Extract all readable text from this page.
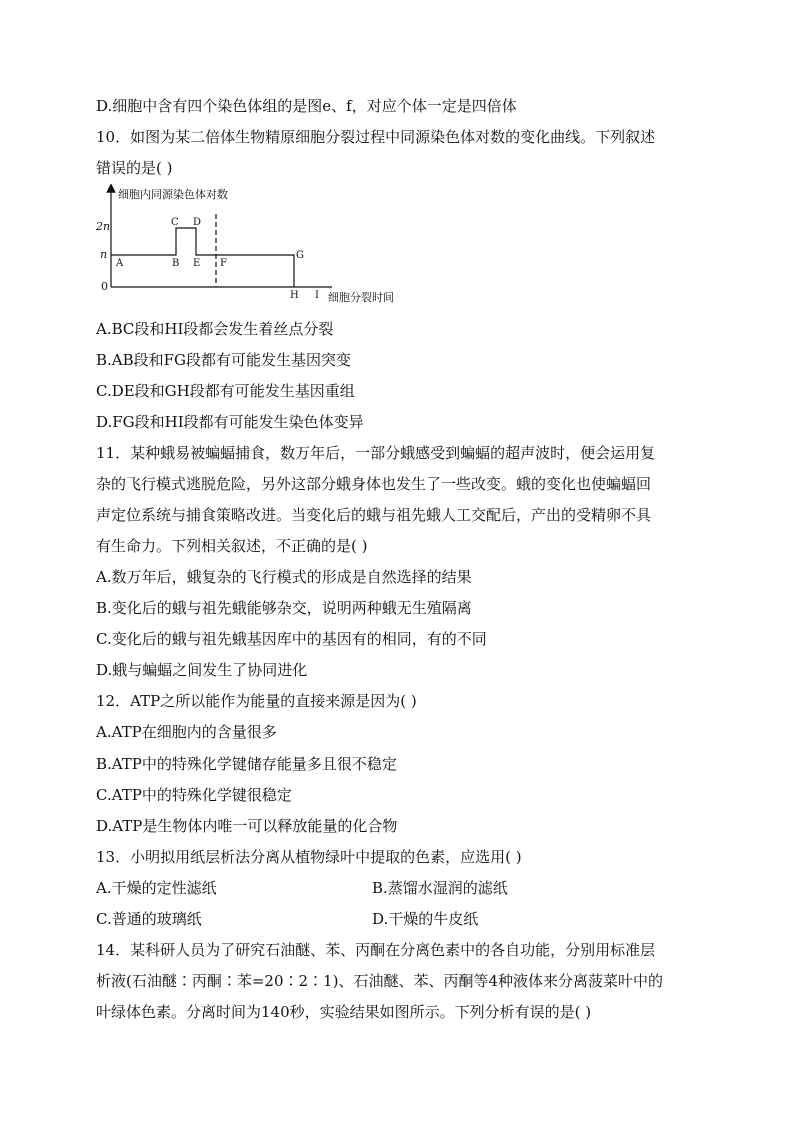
D.细胞中含有四个染色体组的是图e、f，对应个体一定是四倍体
10．如图为某二倍体生物精原细胞分裂过程中同源染色体对数的变化曲线。下列叙述
错误的是( )
细胞内同源染色体对数
2n
n
0
A	B
C D
E F
G
H I 细胞分裂时间
A.BC段和HI段都会发生着丝点分裂
B.AB段和FG段都有可能发生基因突变
C.DE段和GH段都有可能发生基因重组
D.FG段和HI段都有可能发生染色体变异
11．某种蛾易被蝙蝠捕食，数万年后，一部分蛾感受到蝙蝠的超声波时，便会运用复
杂的飞行模式逃脱危险，另外这部分蛾身体也发生了一些改变。蛾的变化也使蝙蝠回
声定位系统与捕食策略改进。当变化后的蛾与祖先蛾人工交配后，产出的受精卵不具
有生命力。下列相关叙述，不正确的是( )
A.数万年后，蛾复杂的飞行模式的形成是自然选择的结果
B.变化后的蛾与祖先蛾能够杂交，说明两种蛾无生殖隔离
C.变化后的蛾与祖先蛾基因库中的基因有的相同，有的不同
D.蛾与蝙蝠之间发生了协同进化
12．ATP之所以能作为能量的直接来源是因为( )
A.ATP在细胞内的含量很多
B.ATP中的特殊化学键储存能量多且很不稳定
C.ATP中的特殊化学键很稳定
D.ATP是生物体内唯一可以释放能量的化合物
13．小明拟用纸层析法分离从植物绿叶中提取的色素，应选用( )
A.干燥的定性滤纸	B.蒸馏水湿润的滤纸
C.普通的玻璃纸	D.干燥的牛皮纸
14．某科研人员为了研究石油醚、苯、丙酮在分离色素中的各自功能，分别用标准层
析液(石油醚∶丙酮∶苯=20∶2∶1)、石油醚、苯、丙酮等4种液体来分离菠菜叶中的
叶绿体色素。分离时间为140秒，实验结果如图所示。下列分析有误的是( )
